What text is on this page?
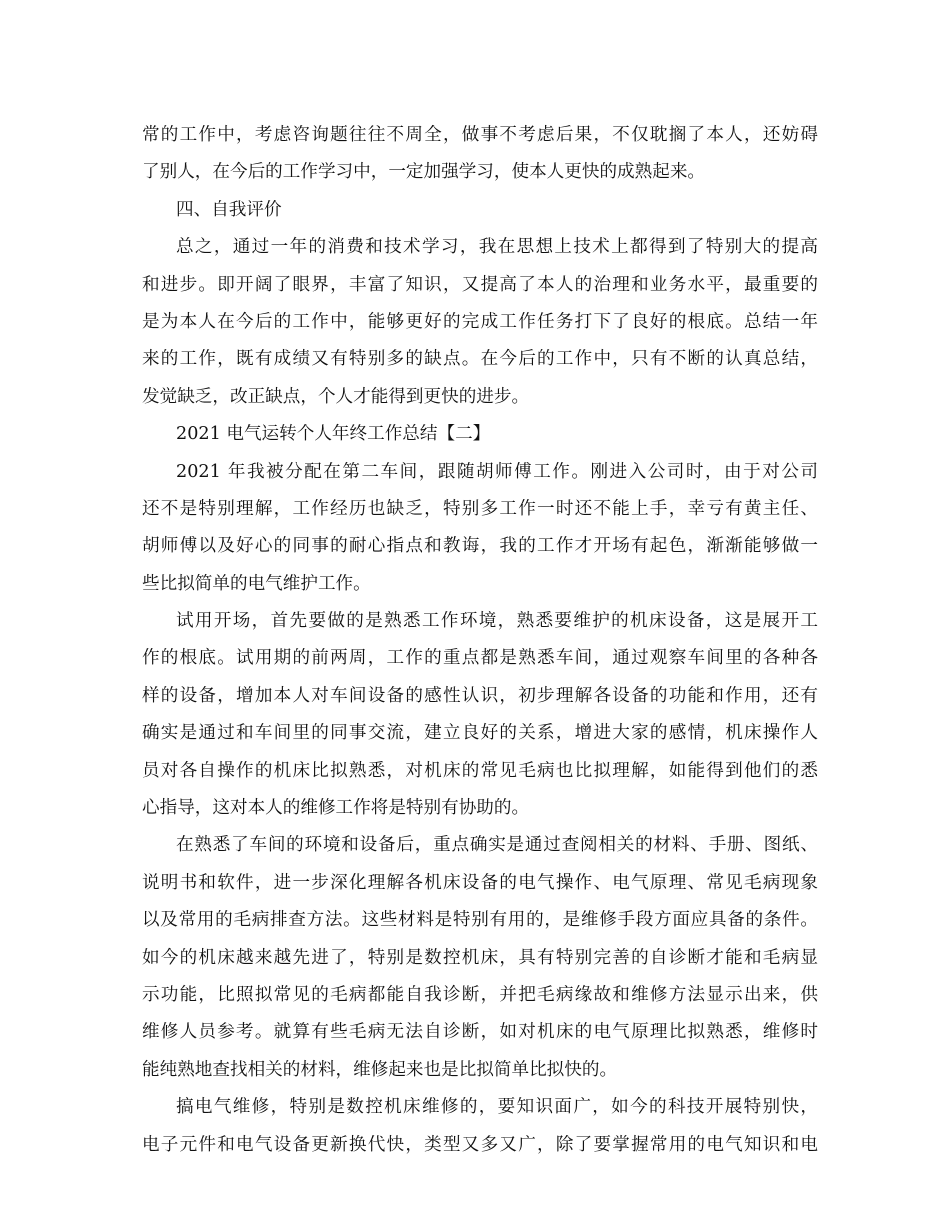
常的工作中，考虑咨询题往往不周全，做事不考虑后果，不仅耽搁了本人，还妨碍
了别人，在今后的工作学习中，一定加强学习，使本人更快的成熟起来。
四、自我评价
总之，通过一年的消费和技术学习，我在思想上技术上都得到了特别大的提高
和进步。即开阔了眼界，丰富了知识，又提高了本人的治理和业务水平，最重要的
是为本人在今后的工作中，能够更好的完成工作任务打下了良好的根底。总结一年
来的工作，既有成绩又有特别多的缺点。在今后的工作中，只有不断的认真总结，
发觉缺乏，改正缺点，个人才能得到更快的进步。
2021 电气运转个人年终工作总结【二】
2021 年我被分配在第二车间，跟随胡师傅工作。刚进入公司时，由于对公司
还不是特别理解，工作经历也缺乏，特别多工作一时还不能上手，幸亏有黄主任、
胡师傅以及好心的同事的耐心指点和教诲，我的工作才开场有起色，渐渐能够做一
些比拟简单的电气维护工作。
试用开场，首先要做的是熟悉工作环境，熟悉要维护的机床设备，这是展开工
作的根底。试用期的前两周，工作的重点都是熟悉车间，通过观察车间里的各种各
样的设备，增加本人对车间设备的感性认识，初步理解各设备的功能和作用，还有
确实是通过和车间里的同事交流，建立良好的关系，增进大家的感情，机床操作人
员对各自操作的机床比拟熟悉，对机床的常见毛病也比拟理解，如能得到他们的悉
心指导，这对本人的维修工作将是特别有协助的。
在熟悉了车间的环境和设备后，重点确实是通过查阅相关的材料、手册、图纸、
说明书和软件，进一步深化理解各机床设备的电气操作、电气原理、常见毛病现象
以及常用的毛病排查方法。这些材料是特别有用的，是维修手段方面应具备的条件。
如今的机床越来越先进了，特别是数控机床，具有特别完善的自诊断才能和毛病显
示功能，比照拟常见的毛病都能自我诊断，并把毛病缘故和维修方法显示出来，供
维修人员参考。就算有些毛病无法自诊断，如对机床的电气原理比拟熟悉，维修时
能纯熟地查找相关的材料，维修起来也是比拟简单比拟快的。
搞电气维修，特别是数控机床维修的，要知识面广，如今的科技开展特别快，
电子元件和电气设备更新换代快，类型又多又广，除了要掌握常用的电气知识和电
